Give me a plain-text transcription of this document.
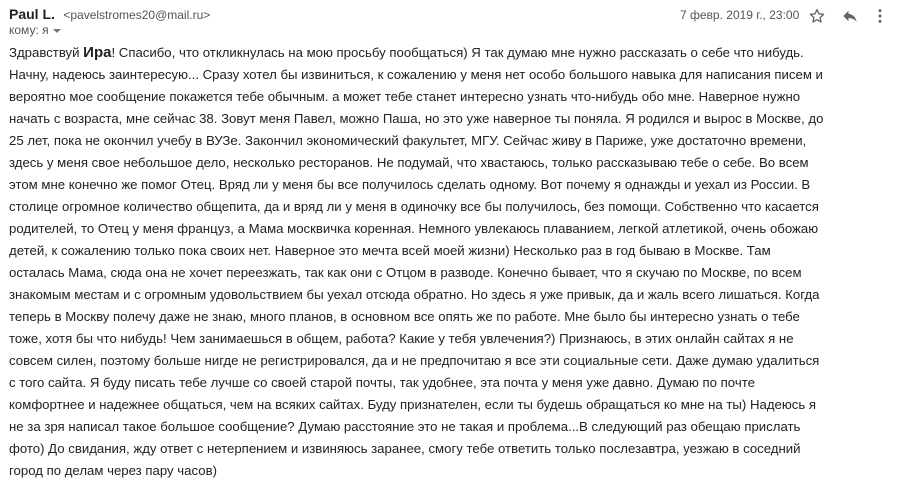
Paul L. <pavelstromes20@mail.ru>
кому: я
7 февр. 2019 г., 23:00
Здравствуй Ира! Спасибо, что откликнулась на мою просьбу пообщаться) Я так думаю мне нужно рассказать о себе что нибудь.
Начну, надеюсь заинтересую... Сразу хотел бы извиниться, к сожалению у меня нет особо большого навыка для написания писем и
вероятно мое сообщение покажется тебе обычным. а может тебе станет интересно узнать что-нибудь обо мне. Наверное нужно
начать с возраста, мне сейчас 38. Зовут меня Павел, можно Паша, но это уже наверное ты поняла. Я родился и вырос в Москве, до
25 лет, пока не окончил учебу в ВУЗе. Закончил экономический факультет, МГУ. Сейчас живу в Париже, уже достаточно времени,
здесь у меня свое небольшое дело, несколько ресторанов. Не подумай, что хвастаюсь, только рассказываю тебе о себе. Во всем
этом мне конечно же помог Отец. Вряд ли у меня бы все получилось сделать одному. Вот почему я однажды и уехал из России. В
столице огромное количество общепита, да и вряд ли у меня в одиночку все бы получилось, без помощи. Собственно что касается
родителей, то Отец у меня француз, а Мама москвичка коренная. Немного увлекаюсь плаванием, легкой атлетикой, очень обожаю
детей, к сожалению только пока своих нет. Наверное это мечта всей моей жизни) Несколько раз в год бываю в Москве. Там
осталась Мама, сюда она не хочет переезжать, так как они с Отцом в разводе. Конечно бывает, что я скучаю по Москве, по всем
знакомым местам и с огромным удовольствием бы уехал отсюда обратно. Но здесь я уже привык, да и жаль всего лишаться. Когда
теперь в Москву полечу даже не знаю, много планов, в основном все опять же по работе. Мне было бы интересно узнать о тебе
тоже, хотя бы что нибудь! Чем занимаешься в общем, работа? Какие у тебя увлечения?) Признаюсь, в этих онлайн сайтах я не
совсем силен, поэтому больше нигде не регистрировался, да и не предпочитаю я все эти социальные сети. Даже думаю удалиться
с того сайта. Я буду писать тебе лучше со своей старой почты, так удобнее, эта почта у меня уже давно. Думаю по почте
комфортнее и надежнее общаться, чем на всяких сайтах. Буду признателен, если ты будешь обращаться ко мне на ты) Надеюсь я
не за зря написал такое большое сообщение? Думаю расстояние это не такая и проблема...В следующий раз обещаю прислать
фото) До свидания, жду ответ с нетерпением и извиняюсь заранее, смогу тебе ответить только послезавтра, уезжаю в соседний
город по делам через пару часов)
